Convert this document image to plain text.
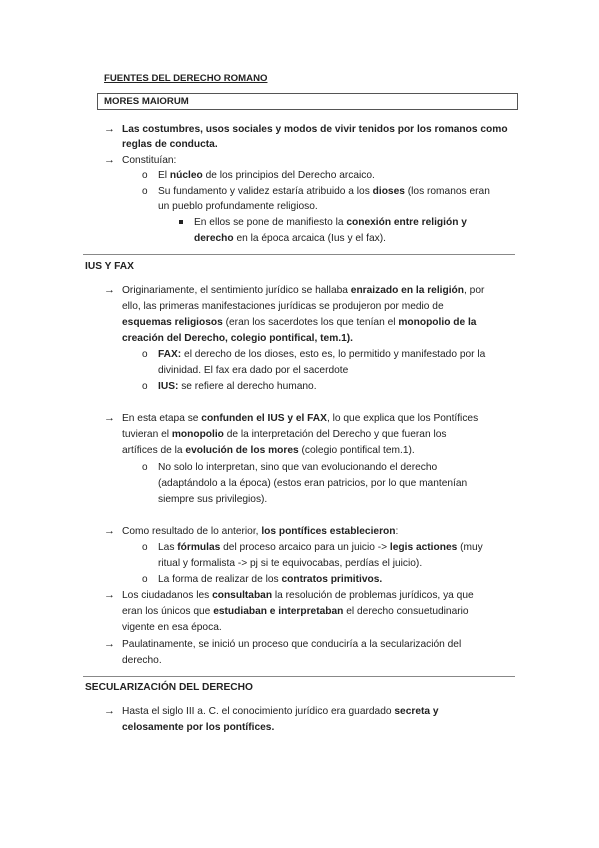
FUENTES DEL DERECHO ROMANO
MORES MAIORUM
→ Las costumbres, usos sociales y modos de vivir tenidos por los romanos como
reglas de conducta.
→ Constituían:
o El núcleo de los principios del Derecho arcaico.
o Su fundamento y validez estaría atribuido a los dioses (los romanos eran
un pueblo profundamente religioso.
En ellos se pone de manifiesto la conexión entre religión y
derecho en la época arcaica (Ius y el fax).
IUS Y FAX
→ Originariamente, el sentimiento jurídico se hallaba enraizado en la religión, por
ello, las primeras manifestaciones jurídicas se produjeron por medio de
esquemas religiosos (eran los sacerdotes los que tenían el monopolio de la
creación del Derecho, colegio pontifical, tem.1).
o FAX: el derecho de los dioses, esto es, lo permitido y manifestado por la
divinidad. El fax era dado por el sacerdote
o IUS: se refiere al derecho humano.
→ En esta etapa se confunden el IUS y el FAX, lo que explica que los Pontífices
tuvieran el monopolio de la interpretación del Derecho y que fueran los
artífices de la evolución de los mores (colegio pontifical tem.1).
o No solo lo interpretan, sino que van evolucionando el derecho
(adaptándolo a la época) (estos eran patricios, por lo que mantenían
siempre sus privilegios).
→ Como resultado de lo anterior, los pontífices establecieron:
o Las fórmulas del proceso arcaico para un juicio -> legis actiones (muy
ritual y formalista -> pj si te equivocabas, perdías el juicio).
o La forma de realizar de los contratos primitivos.
→ Los ciudadanos les consultaban la resolución de problemas jurídicos, ya que
eran los únicos que estudiaban e interpretaban el derecho consuetudinario
vigente en esa época.
→ Paulatinamente, se inició un proceso que conduciría a la secularización del
derecho.
SECULARIZACIÓN DEL DERECHO
→ Hasta el siglo III a. C. el conocimiento jurídico era guardado secreta y
celosamente por los pontífices.
